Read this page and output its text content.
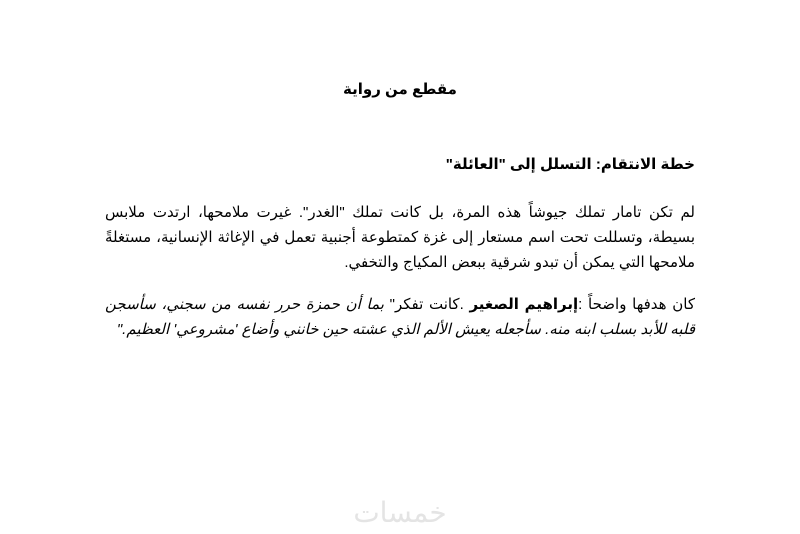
مقطع من رواية
خطة الانتقام: التسلل إلى "العائلة"
لم تكن تامار تملك جيوشاً هذه المرة، بل كانت تملك "الغدر". غيرت ملامحها، ارتدت ملابس بسيطة، وتسللت تحت اسم مستعار إلى غزة كمتطوعة أجنبية تعمل في الإغاثة الإنسانية، مستغلةً ملامحها التي يمكن أن تبدو شرقية ببعض المكياج والتخفي.
كان هدفها واضحاً :إبراهيم الصغير .كانت تفكر" بما أن حمزة حرر نفسه من سجني، سأسجن قلبه للأبد بسلب ابنه منه. سأجعله يعيش الألم الذي عشته حين خانني وأضاع 'مشروعي' العظيم."
خمسات
